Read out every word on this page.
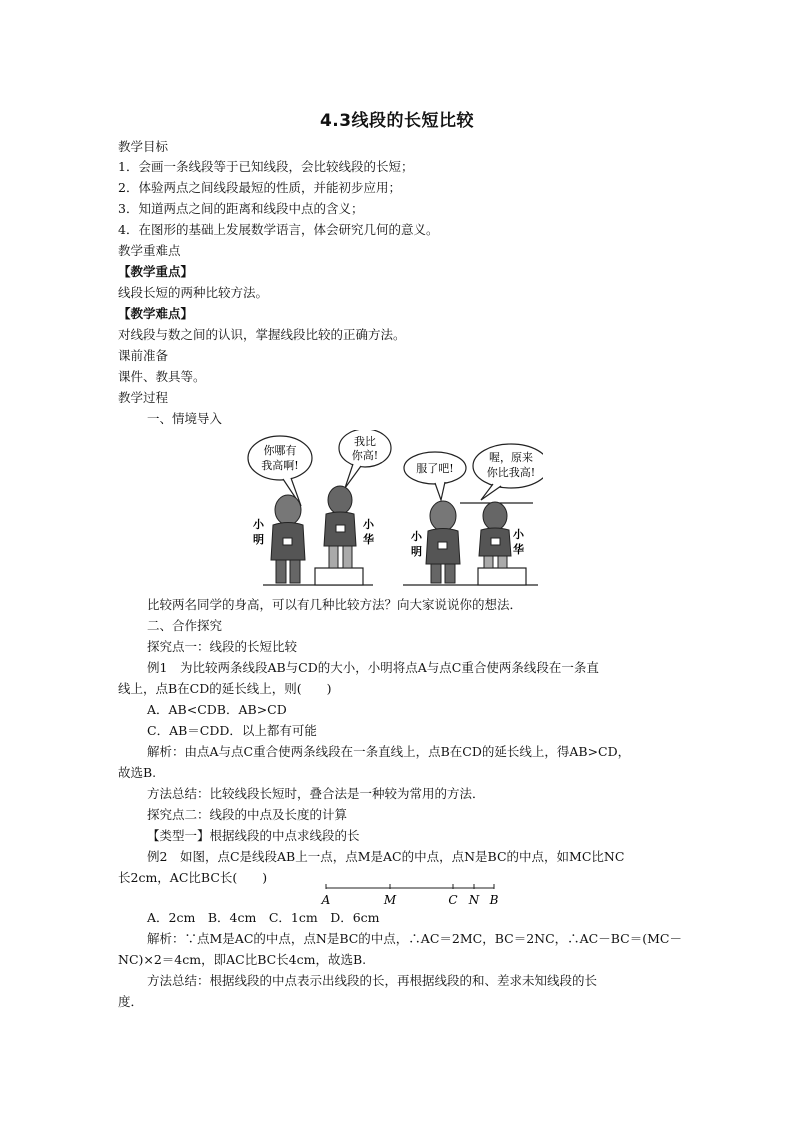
4.3线段的长短比较
教学目标
1．会画一条线段等于已知线段，会比较线段的长短；
2．体验两点之间线段最短的性质，并能初步应用；
3．知道两点之间的距离和线段中点的含义；
4．在图形的基础上发展数学语言，体会研究几何的意义。
教学重难点
【教学重点】
线段长短的两种比较方法。
【教学难点】
对线段与数之间的认识，掌握线段比较的正确方法。
课前准备
课件、教具等。
教学过程
一、情境导入
你哪有
我高啊!
我比
你高!
服了吧!
喔，原来
你比我高!
小
明
小
华	小
明
小
华
比较两名同学的身高，可以有几种比较方法？向大家说说你的想法．
二、合作探究
探究点一：线段的长短比较
例1　为比较两条线段AB与CD的大小，小明将点A与点C重合使两条线段在一条直
线上，点B在CD的延长线上，则(　　)
A．AB<CDB．AB>CD
C．AB＝CDD．以上都有可能
解析：由点A与点C重合使两条线段在一条直线上，点B在CD的延长线上，得AB>CD，
故选B.
方法总结：比较线段长短时，叠合法是一种较为常用的方法．
探究点二：线段的中点及长度的计算
【类型一】根据线段的中点求线段的长
例2　如图，点C是线段AB上一点，点M是AC的中点，点N是BC的中点，如MC比NC
长2cm，AC比BC长(　　)
A	M	C N B
A．2cm　B．4cm　C．1cm　D．6cm
解析：∵点M是AC的中点，点N是BC的中点，∴AC＝2MC，BC＝2NC，∴AC－BC＝(MC－
NC)×2＝4cm，即AC比BC长4cm，故选B.
方法总结：根据线段的中点表示出线段的长，再根据线段的和、差求未知线段的长
度．
